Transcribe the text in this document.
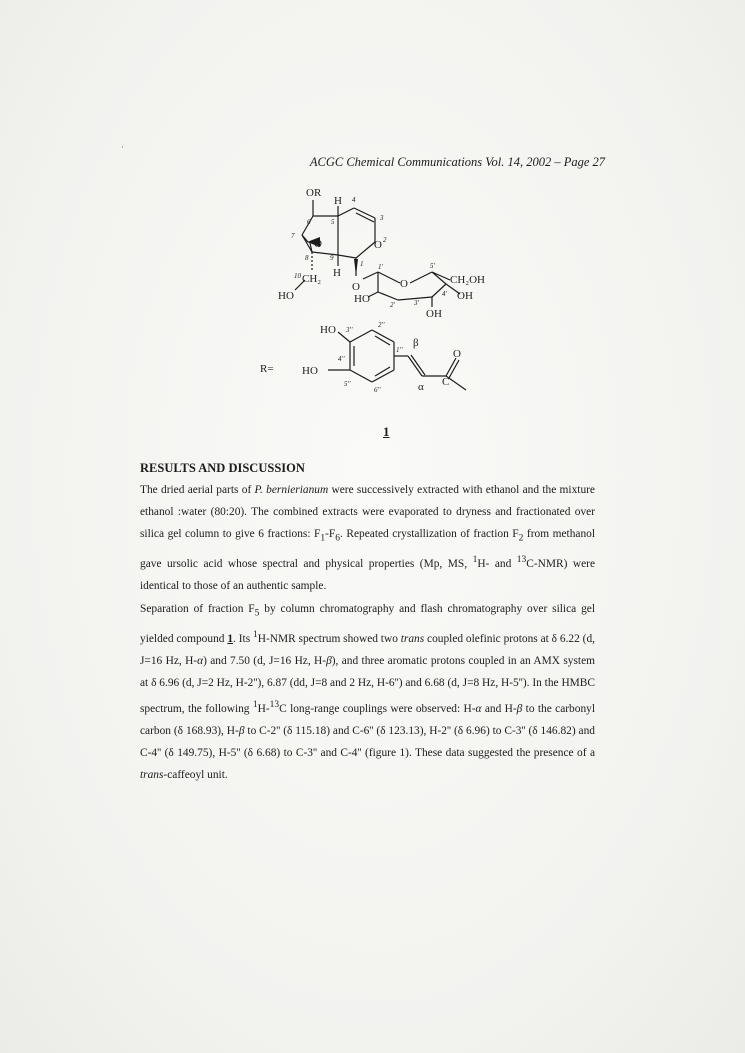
·
ACGC Chemical Communications Vol. 14, 2002 – Page 27
OR
H
H
O	O
O	O	CH₂OH
OH
OH
HO
CH₂
HO
6	5
4
3
2
1
9
7
8
10
1'
2'	3'
4'
5'
R=
HO
HO
β
α
O
C
3''
2''
1''
4''
5''
6''
1
RESULTS AND DISCUSSION

The dried aerial parts of P. bernierianum were successively extracted with ethanol and the mixture ethanol :water (80:20). The combined extracts were evaporated to dryness and fractionated over silica gel column to give 6 fractions: $F_1-F_6$. Repeated crystallization of fraction $F_2$ from methanol gave ursolic acid whose spectral and physical properties (Mp, MS, $^1$H- and $^{13}$C-NMR) were identical to those of an authentic sample.

Separation of fraction $F_5$ by column chromatography and flash chromatography over silica gel yielded compound 1. Its $^1$H-NMR spectrum showed two trans coupled olefinic protons at δ 6.22 (d, J=16 Hz, H-α) and 7.50 (d, J=16 Hz, H-β), and three aromatic protons coupled in an AMX system at δ 6.96 (d, J=2 Hz, H-2''), 6.87 (dd, J=8 and 2 Hz, H-6'') and 6.68 (d, J=8 Hz, H-5''). In the HMBC spectrum, the following $^1$H-$^{13}$C long-range couplings were observed: H-α and H-β to the carbonyl carbon (δ 168.93), H-β to C-2'' (δ 115.18) and C-6'' (δ 123.13), H-2'' (δ 6.96) to C-3'' (δ 146.82) and C-4'' (δ 149.75), H-5'' (δ 6.68) to C-3'' and C-4'' (figure 1). These data suggested the presence of a trans-caffeoyl unit.
